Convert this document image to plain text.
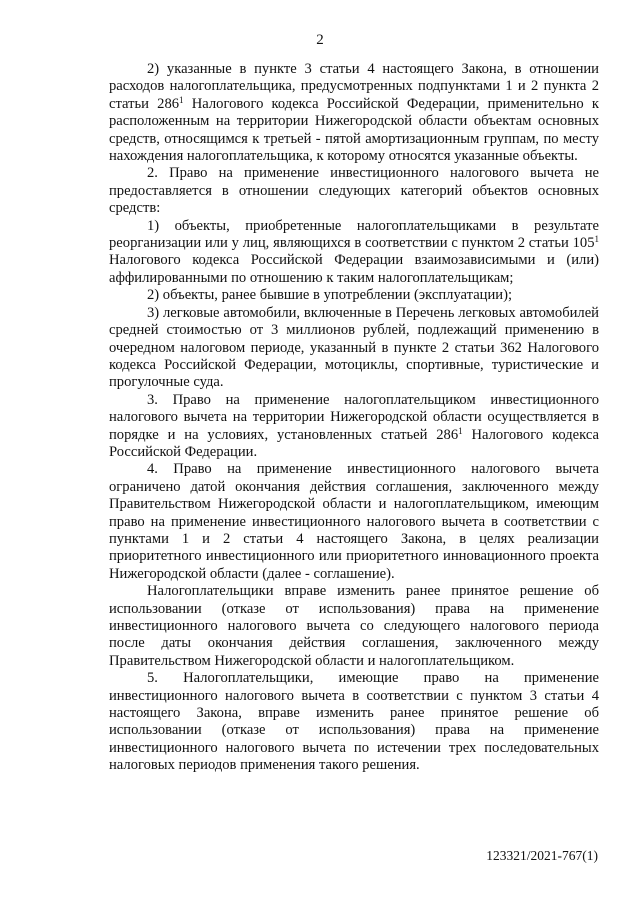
2

2) указанные в пункте 3 статьи 4 настоящего Закона, в отношении расходов налогоплательщика, предусмотренных подпунктами 1 и 2 пункта 2 статьи $286^1$ Налогового кодекса Российской Федерации, применительно к расположенным на территории Нижегородской области объектам основных средств, относящимся к третьей - пятой амортизационным группам, по месту нахождения налогоплательщика, к которому относятся указанные объекты.

2. Право на применение инвестиционного налогового вычета не предоставляется в отношении следующих категорий объектов основных средств:

1) объекты, приобретенные налогоплательщиками в результате реорганизации или у лиц, являющихся в соответствии с пунктом 2 статьи $105^1$ Налогового кодекса Российской Федерации взаимозависимыми и (или) аффилированными по отношению к таким налогоплательщикам;

2) объекты, ранее бывшие в употреблении (эксплуатации);

3) легковые автомобили, включенные в Перечень легковых автомобилей средней стоимостью от 3 миллионов рублей, подлежащий применению в очередном налоговом периоде, указанный в пункте 2 статьи 362 Налогового кодекса Российской Федерации, мотоциклы, спортивные, туристические и прогулочные суда.

3. Право на применение налогоплательщиком инвестиционного налогового вычета на территории Нижегородской области осуществляется в порядке и на условиях, установленных статьей $286^1$ Налогового кодекса Российской Федерации.

4. Право на применение инвестиционного налогового вычета ограничено датой окончания действия соглашения, заключенного между Правительством Нижегородской области и налогоплательщиком, имеющим право на применение инвестиционного налогового вычета в соответствии с пунктами 1 и 2 статьи 4 настоящего Закона, в целях реализации приоритетного инвестиционного или приоритетного инновационного проекта Нижегородской области (далее - соглашение).

Налогоплательщики вправе изменить ранее принятое решение об использовании (отказе от использования) права на применение инвестиционного налогового вычета со следующего налогового периода после даты окончания действия соглашения, заключенного между Правительством Нижегородской области и налогоплательщиком.

5. Налогоплательщики, имеющие право на применение инвестиционного налогового вычета в соответствии с пунктом 3 статьи 4 настоящего Закона, вправе изменить ранее принятое решение об использовании (отказе от использования) права на применение инвестиционного налогового вычета по истечении трех последовательных налоговых периодов применения такого решения.

123321/2021-767(1)
